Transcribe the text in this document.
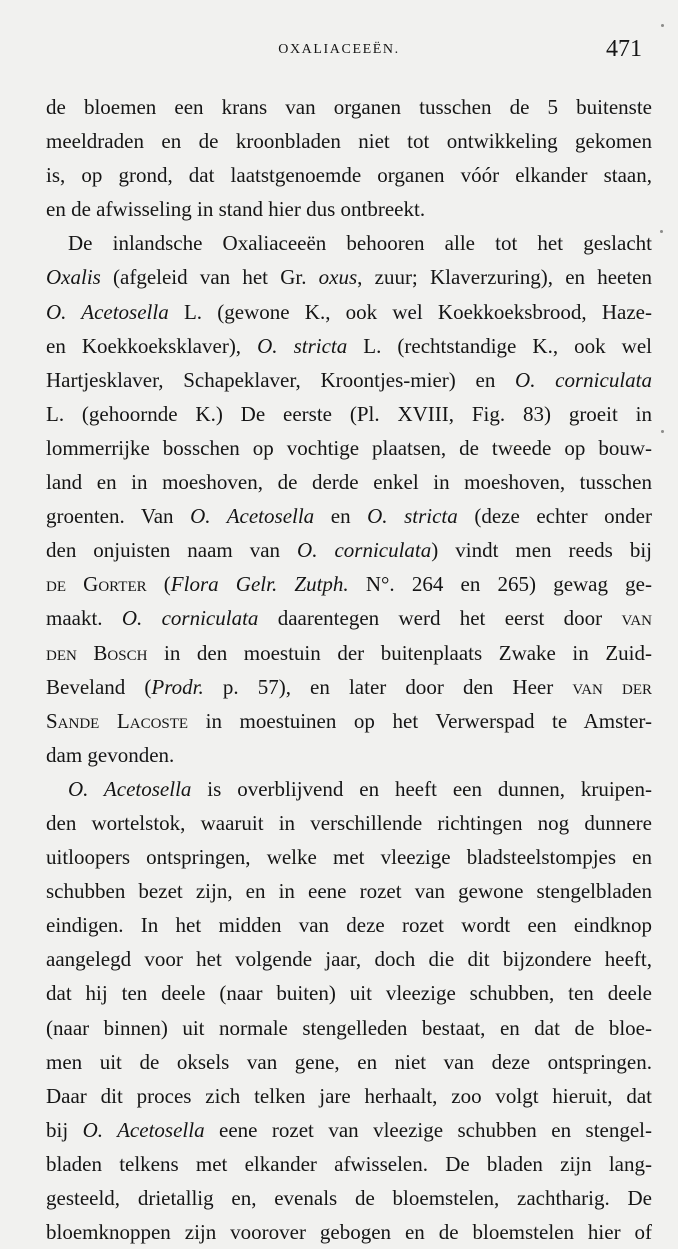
OXALIACEEËN.	471
de bloemen een krans van organen tusschen de 5 buitenste
meeldraden en de kroonbladen niet tot ontwikkeling gekomen
is, op grond, dat laatstgenoemde organen vóór elkander staan,
en de afwisseling in stand hier dus ontbreekt.
De inlandsche Oxaliaceeën behooren alle tot het geslacht
Oxalis (afgeleid van het Gr. oxus, zuur; Klaverzuring), en heeten
O. Acetosella L. (gewone K., ook wel Koekkoeksbrood, Haze-
en Koekkoeksklaver), O. stricta L. (rechtstandige K., ook wel
Hartjesklaver, Schapeklaver, Kroontjes-mier) en O. corniculata
L. (gehoornde K.) De eerste (Pl. XVIII, Fig. 83) groeit in
lommerrijke bosschen op vochtige plaatsen, de tweede op bouw-
land en in moeshoven, de derde enkel in moeshoven, tusschen
groenten. Van O. Acetosella en O. stricta (deze echter onder
den onjuisten naam van O. corniculata) vindt men reeds bij
de Gorter (Flora Gelr. Zutph. N°. 264 en 265) gewag ge-
maakt. O. corniculata daarentegen werd het eerst door van
den Bosch in den moestuin der buitenplaats Zwake in Zuid-
Beveland (Prodr. p. 57), en later door den Heer van der
Sande Lacoste in moestuinen op het Verwerspad te Amster-
dam gevonden.
O. Acetosella is overblijvend en heeft een dunnen, kruipen-
den wortelstok, waaruit in verschillende richtingen nog dunnere
uitloopers ontspringen, welke met vleezige bladsteelstompjes en
schubben bezet zijn, en in eene rozet van gewone stengelbladen
eindigen. In het midden van deze rozet wordt een eindknop
aangelegd voor het volgende jaar, doch die dit bijzondere heeft,
dat hij ten deele (naar buiten) uit vleezige schubben, ten deele
(naar binnen) uit normale stengelleden bestaat, en dat de bloe-
men uit de oksels van gene, en niet van deze ontspringen.
Daar dit proces zich telken jare herhaalt, zoo volgt hieruit, dat
bij O. Acetosella eene rozet van vleezige schubben en stengel-
bladen telkens met elkander afwisselen. De bladen zijn lang-
gesteeld, drietallig en, evenals de bloemstelen, zachtharig. De
bloemknoppen zijn voorover gebogen en de bloemstelen hier of
